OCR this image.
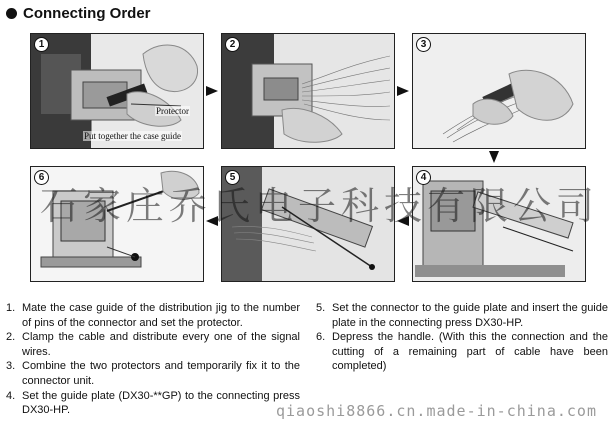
Connecting Order
1
Protector
Put together the case guide
2	3
6	5	4
石家庄乔氏电子科技有限公司
qiaoshi8866.cn.made-in-china.com
1. Mate the case guide of the distribution jig to the number of pins of the connector and set the protector.
2. Clamp the cable and distribute every one of the signal wires.
3. Combine the two protectors and temporarily fix it to the connector unit.
4. Set the guide plate (DX30-**GP) to the connecting press DX30-HP.
5. Set the connector to the guide plate and insert the guide plate in the connecting press DX30-HP.
6. Depress the handle. (With this the connection and the cutting of a remaining part of cable have been completed)
